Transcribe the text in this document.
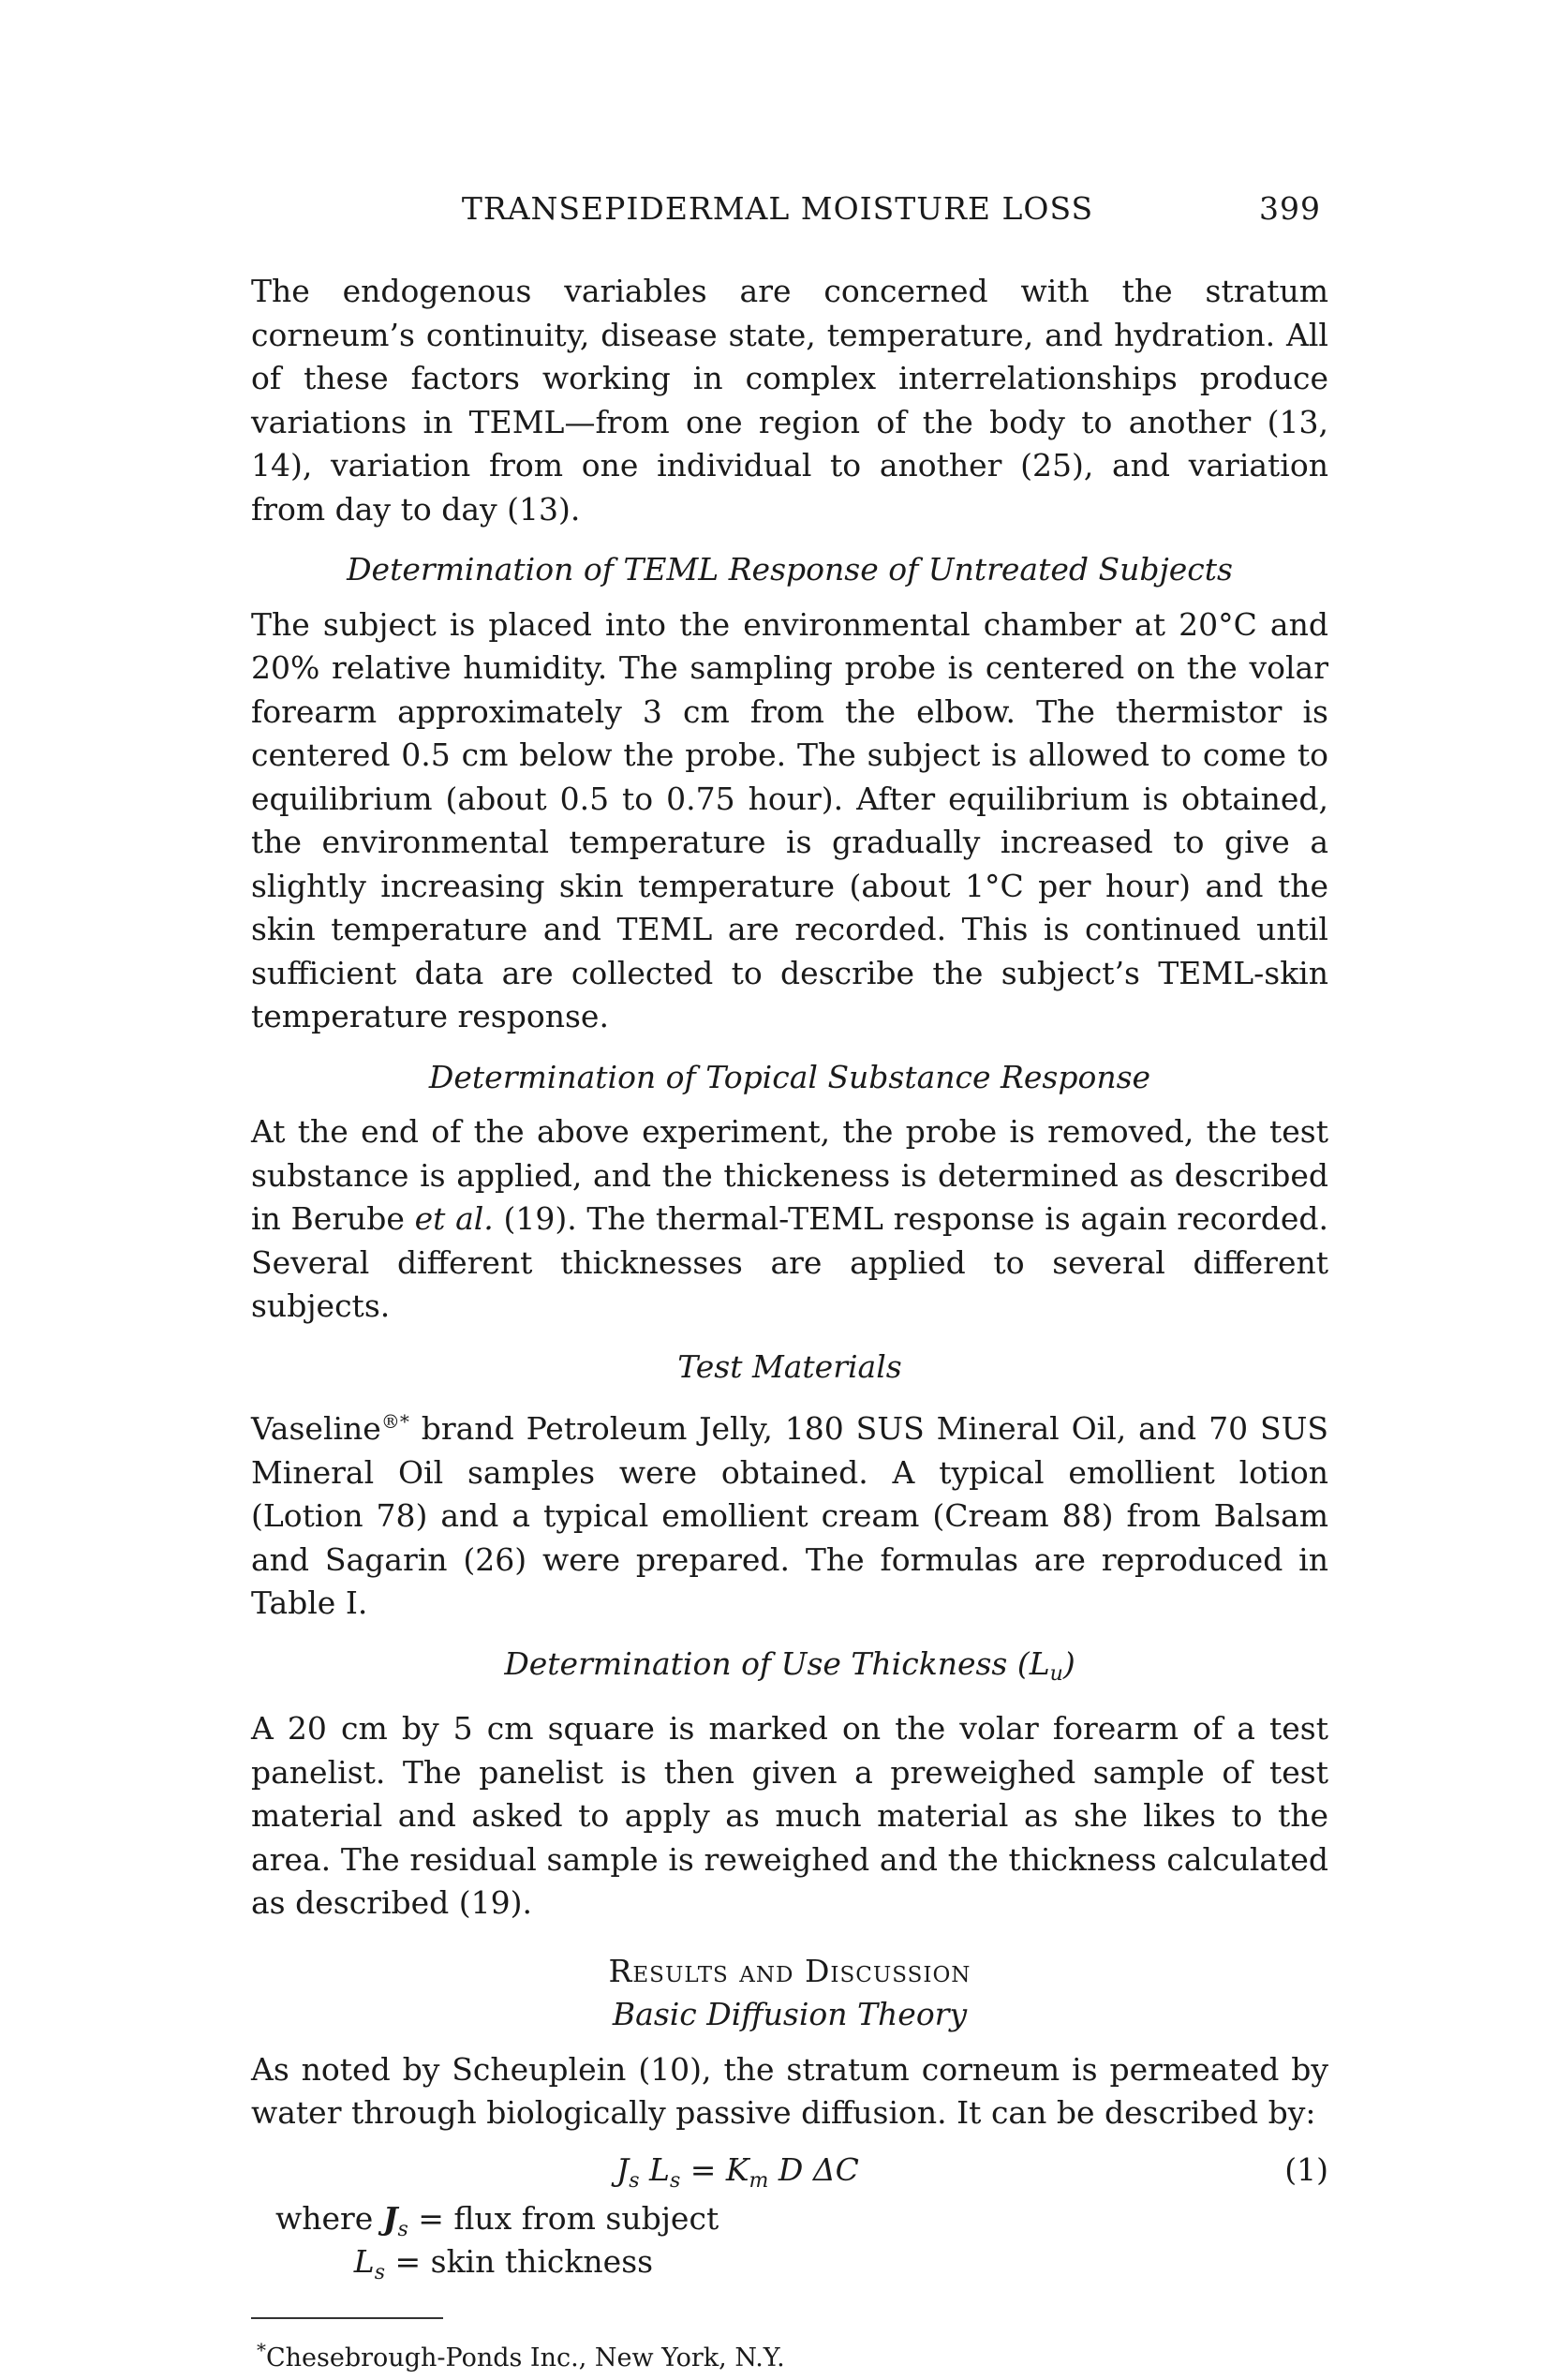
TRANSEPIDERMAL MOISTURE LOSS	399

The endogenous variables are concerned with the stratum corneum’s continuity, disease state, temperature, and hydration. All of these factors working in complex interrelationships produce variations in TEML—from one region of the body to another (13, 14), variation from one individual to another (25), and variation from day to day (13).

Determination of TEML Response of Untreated Subjects

The subject is placed into the environmental chamber at 20°C and 20% relative humidity. The sampling probe is centered on the volar forearm approximately 3 cm from the elbow. The thermistor is centered 0.5 cm below the probe. The subject is allowed to come to equilibrium (about 0.5 to 0.75 hour). After equilibrium is obtained, the environmental temperature is gradually increased to give a slightly increasing skin temperature (about 1°C per hour) and the skin temperature and TEML are recorded. This is continued until sufficient data are collected to describe the subject’s TEML-skin temperature response.

Determination of Topical Substance Response

At the end of the above experiment, the probe is removed, the test substance is applied, and the thickeness is determined as described in Berube et al. (19). The thermal-TEML response is again recorded. Several different thicknesses are applied to several different subjects.

Test Materials

Vaseline®* brand Petroleum Jelly, 180 SUS Mineral Oil, and 70 SUS Mineral Oil samples were obtained. A typical emollient lotion (Lotion 78) and a typical emollient cream (Cream 88) from Balsam and Sagarin (26) were prepared. The formulas are reproduced in Table I.

Determination of Use Thickness (Lu)

A 20 cm by 5 cm square is marked on the volar forearm of a test panelist. The panelist is then given a preweighed sample of test material and asked to apply as much material as she likes to the area. The residual sample is reweighed and the thickness calculated as described (19).

Results and Discussion
Basic Diffusion Theory

As noted by Scheuplein (10), the stratum corneum is permeated by water through biologically passive diffusion. It can be described by:

$J_s$ $L_s = K_m$ D ΔC	(1)
where $J_s$ = flux from subject
$L_s$ = skin thickness
*Chesebrough-Ponds Inc., New York, N.Y.
